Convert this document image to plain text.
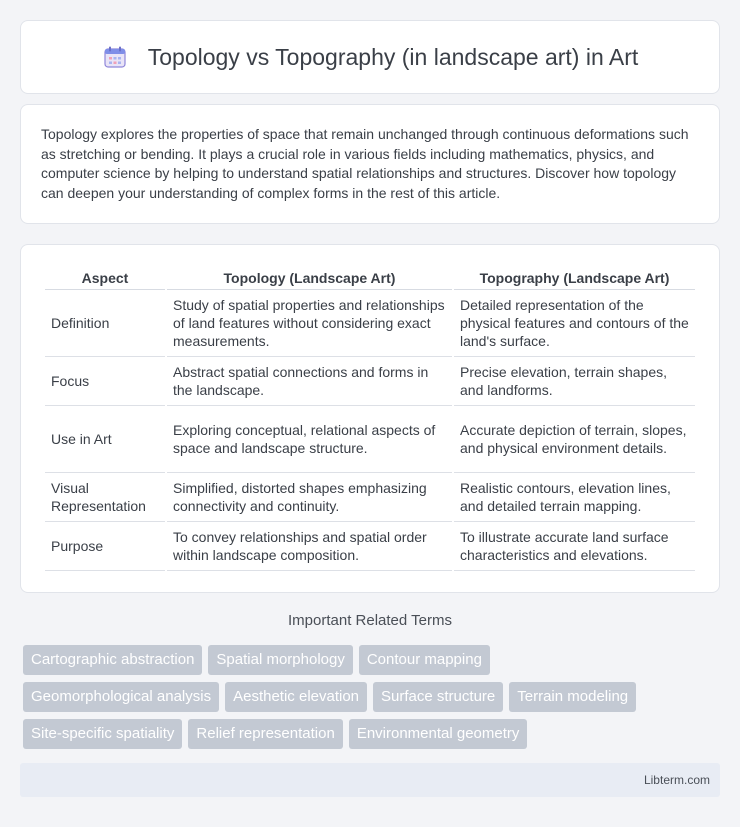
Topology vs Topography (in landscape art) in Art

Topology explores the properties of space that remain unchanged through continuous deformations such as stretching or bending. It plays a crucial role in various fields including mathematics, physics, and computer science by helping to understand spatial relationships and structures. Discover how topology can deepen your understanding of complex forms in the rest of this article.

Aspect	Topology (Landscape Art)	Topography (Landscape Art)
Definition	Study of spatial properties and relationships of land features without considering exact measurements.	Detailed representation of the physical features and contours of the land's surface.
Focus	Abstract spatial connections and forms in the landscape.	Precise elevation, terrain shapes, and landforms.
Use in Art	Exploring conceptual, relational aspects of space and landscape structure.	Accurate depiction of terrain, slopes, and physical environment details.
Visual Representation	Simplified, distorted shapes emphasizing connectivity and continuity.	Realistic contours, elevation lines, and detailed terrain mapping.
Purpose	To convey relationships and spatial order within landscape composition.	To illustrate accurate land surface characteristics and elevations.
Important Related Terms
Cartographic abstraction	Spatial morphology	Contour mapping
Geomorphological analysis	Aesthetic elevation	Surface structure	Terrain modeling
Site-specific spatiality	Relief representation	Environmental geometry
Libterm.com
